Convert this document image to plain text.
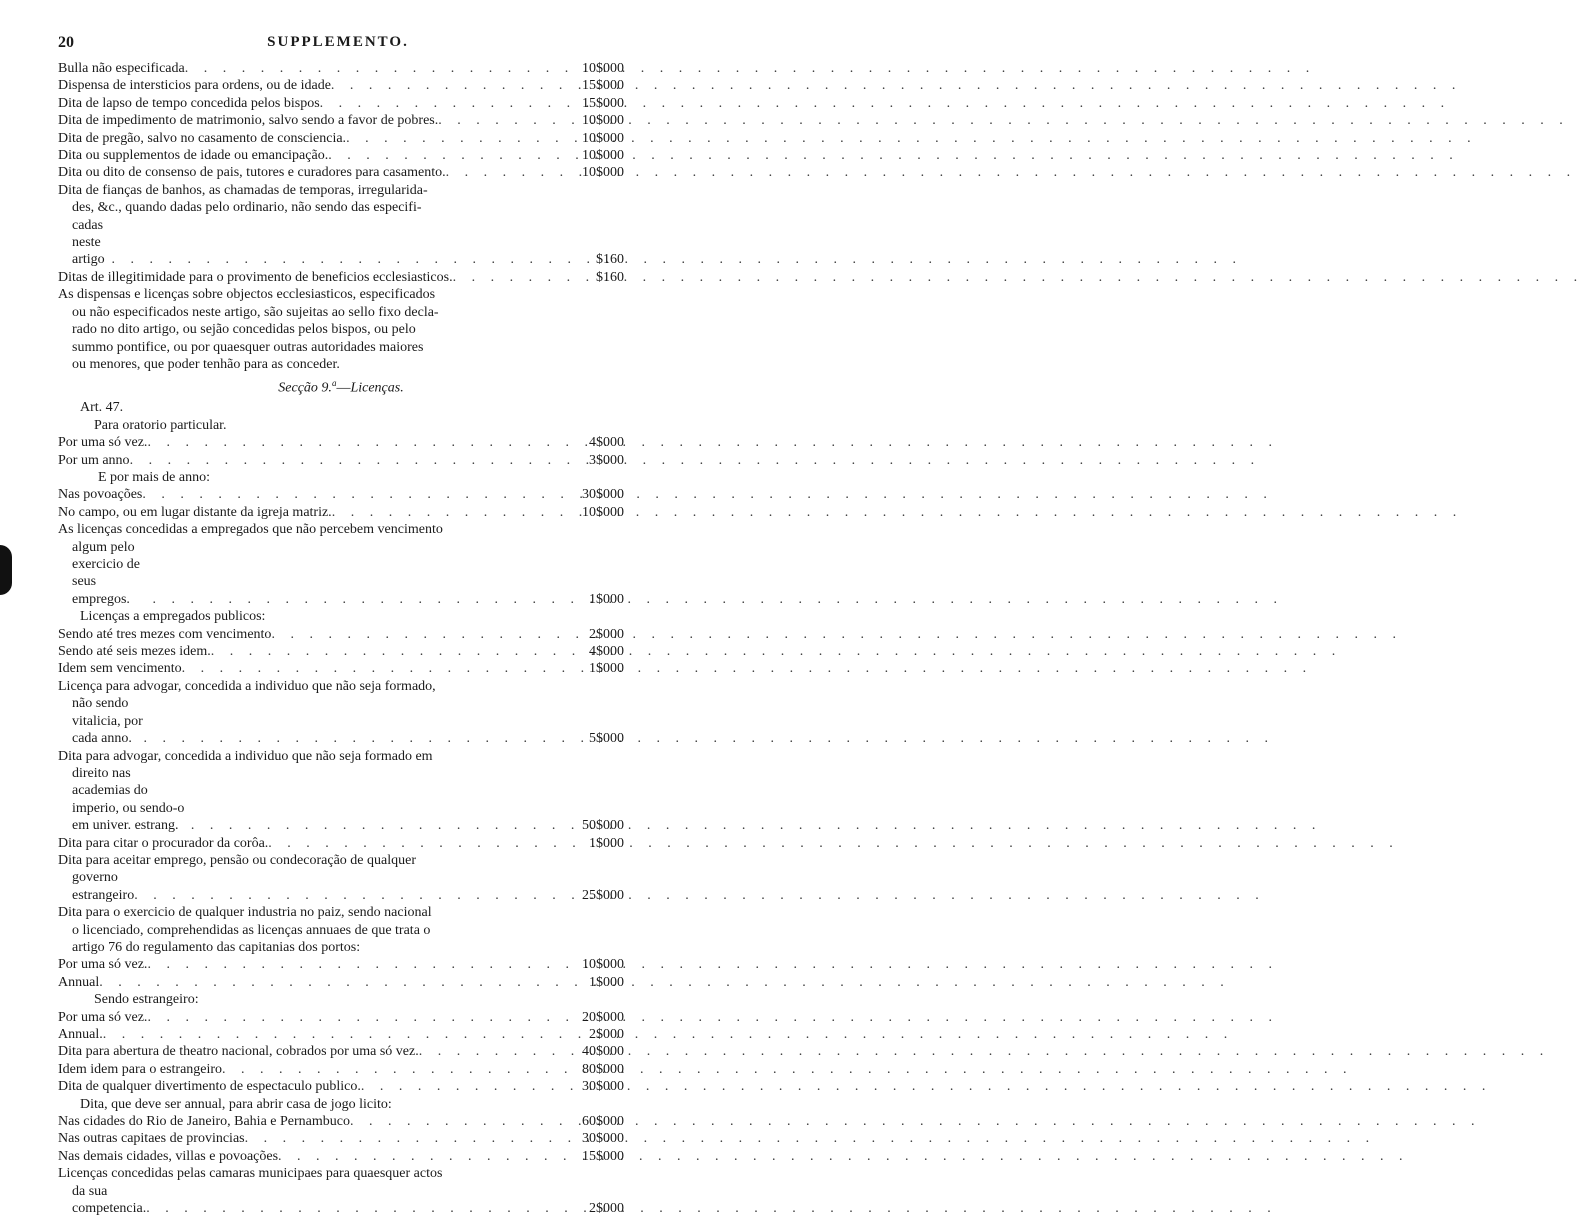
20	SUPPLEMENTO.
Bulla não especificada . . .	10$000
Dispensa de intersticios para ordens, ou de idade . . .	15$000
Dita de lapso de tempo concedida pelos bispos . . .	15$000
Dita de impedimento de matrimonio, salvo sendo a favor de pobres. . . .	10$000
Dita de pregão, salvo no casamento de consciencia. . . .	10$000
Dita ou supplementos de idade ou emancipação. . . .	10$000
Dita ou dito de consenso de pais, tutores e curadores para casamento. . . .	10$000
Dita de fianças de banhos, as chamadas de temporas, irregularida-
des, &c., quando dadas pelo ordinario, não sendo das especifi-
cadas neste artigo . . .	$160
Ditas de illegitimidade para o provimento de beneficios ecclesiasticos. . . .	$160
As dispensas e licenças sobre objectos ecclesiasticos, especificados
ou não especificados neste artigo, são sujeitas ao sello fixo decla-
rado no dito artigo, ou sejão concedidas pelos bispos, ou pelo
summo pontifice, ou por quaesquer outras autoridades maiores
ou menores, que poder tenhão para as conceder.
Secção 9.$^a$—Licenças.
Art. 47.
Para oratorio particular.
Por uma só vez. . . .	4$000
Por um anno . . .	3$000
E por mais de anno:
Nas povoações . . .	30$000
No campo, ou em lugar distante da igreja matriz. . . .	10$000
As licenças concedidas a empregados que não percebem vencimento
algum pelo exercicio de seus empregos. . . .	1$000
Licenças a empregados publicos:
Sendo até tres mezes com vencimento . . .	2$000
Sendo até seis mezes idem. . . .	4$000
Idem sem vencimento . . .	1$000
Licença para advogar, concedida a individuo que não seja formado,
não sendo vitalicia, por cada anno. . . .	5$000
Dita para advogar, concedida a individuo que não seja formado em
direito nas academias do imperio, ou sendo-o em univer. estrang. . . .	50$000
Dita para citar o procurador da corôa. . . .	1$000
Dita para aceitar emprego, pensão ou condecoração de qualquer
governo estrangeiro . . .	25$000
Dita para o exercicio de qualquer industria no paiz, sendo nacional
o licenciado, comprehendidas as licenças annuaes de que trata o
artigo 76 do regulamento das capitanias dos portos:
Por uma só vez. . . .	10$000
Annual . . .	1$000
Sendo estrangeiro:
Por uma só vez. . . .	20$000
Annual. . . .	2$000
Dita para abertura de theatro nacional, cobrados por uma só vez. . . .	40$000
Idem idem para o estrangeiro . . .	80$000
Dita de qualquer divertimento de espectaculo publico. . . .	30$000
Dita, que deve ser annual, para abrir casa de jogo licito:
Nas cidades do Rio de Janeiro, Bahia e Pernambuco . . .	60$000
Nas outras capitaes de provincias . . .	30$000
Nas demais cidades, villas e povoações . . .	15$000
Licenças concedidas pelas camaras municipaes para quaesquer actos
da sua competencia. . . .	2$000
